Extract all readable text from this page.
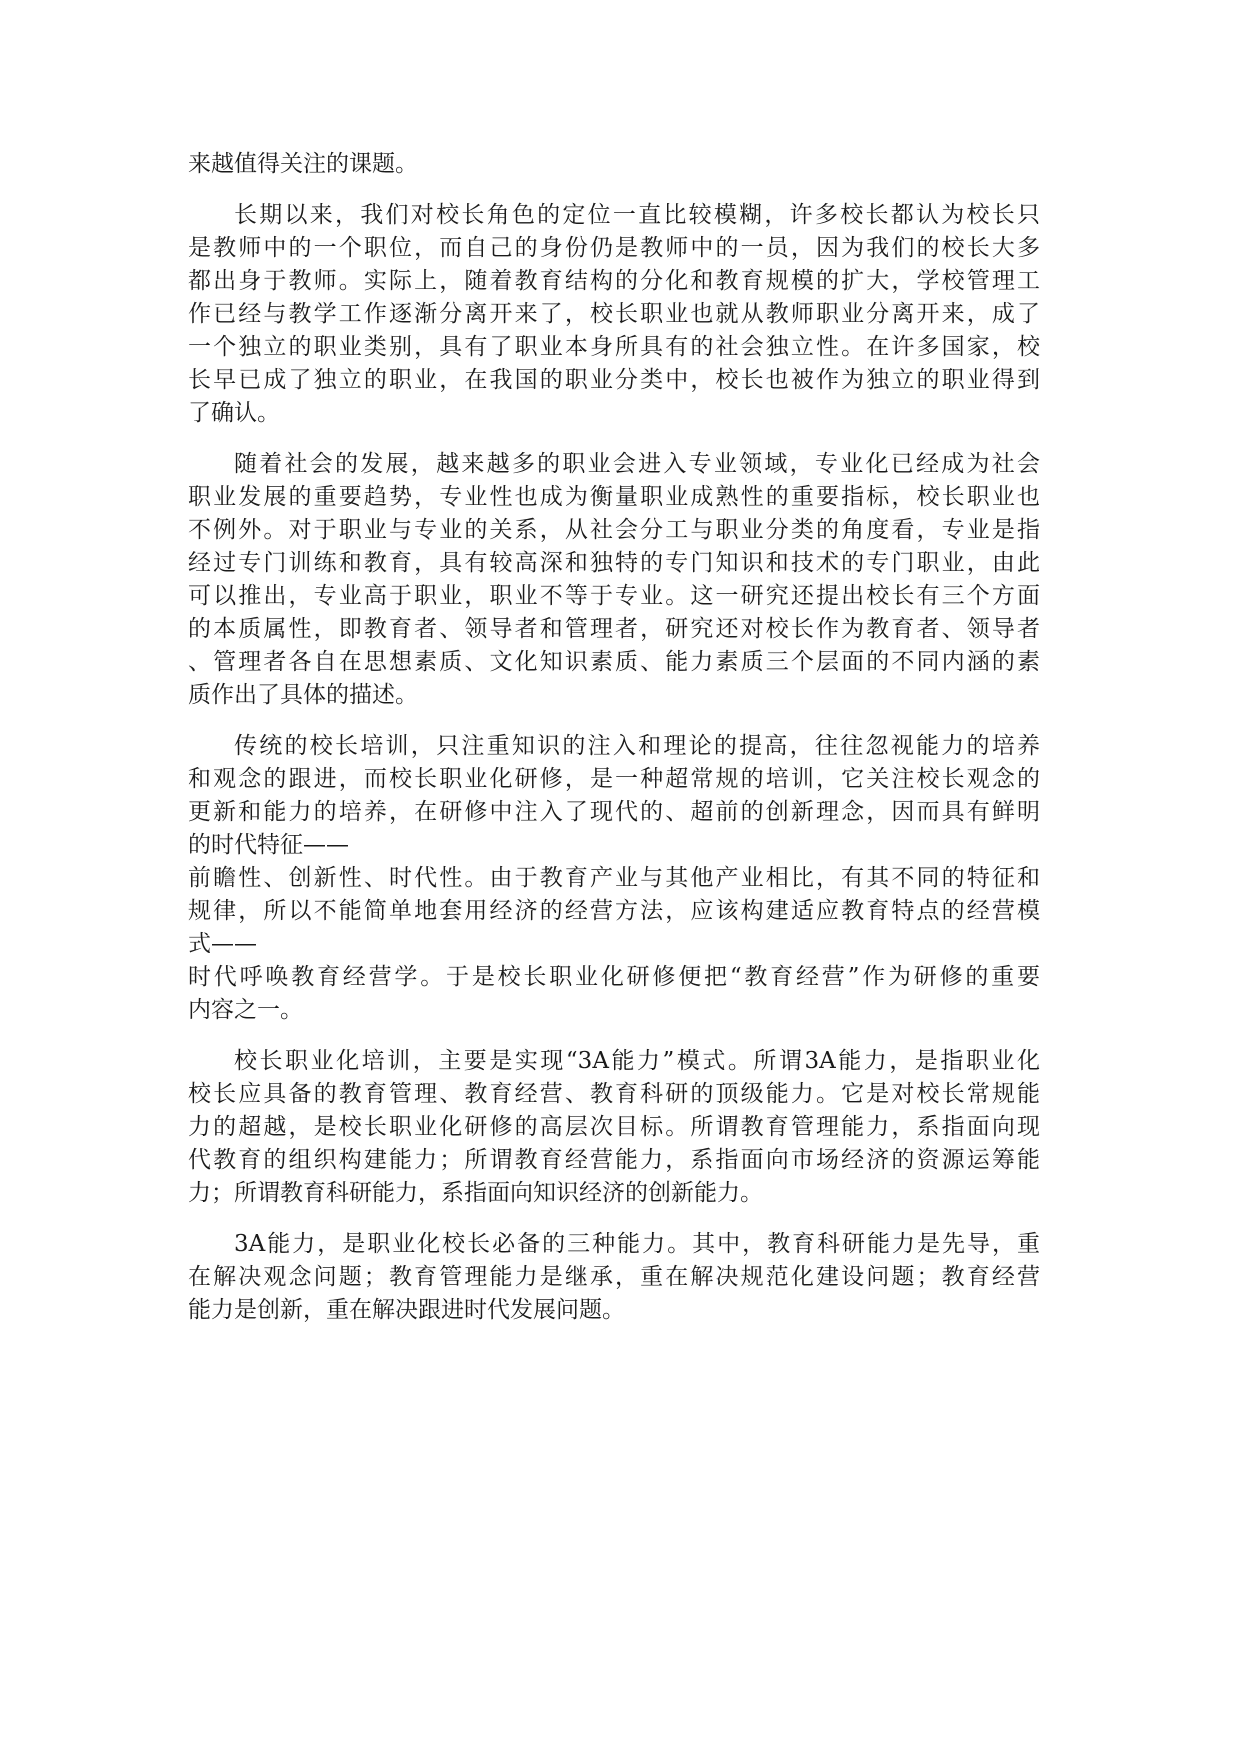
来越值得关注的课题。
长期以来，我们对校长角色的定位一直比较模糊，许多校长都认为校长只
是教师中的一个职位，而自己的身份仍是教师中的一员，因为我们的校长大多
都出身于教师。实际上，随着教育结构的分化和教育规模的扩大，学校管理工
作已经与教学工作逐渐分离开来了，校长职业也就从教师职业分离开来，成了
一个独立的职业类别，具有了职业本身所具有的社会独立性。在许多国家，校
长早已成了独立的职业，在我国的职业分类中，校长也被作为独立的职业得到
了确认。
随着社会的发展，越来越多的职业会进入专业领域，专业化已经成为社会
职业发展的重要趋势，专业性也成为衡量职业成熟性的重要指标，校长职业也
不例外。对于职业与专业的关系，从社会分工与职业分类的角度看，专业是指
经过专门训练和教育，具有较高深和独特的专门知识和技术的专门职业，由此
可以推出，专业高于职业，职业不等于专业。这一研究还提出校长有三个方面
的本质属性，即教育者、领导者和管理者，研究还对校长作为教育者、领导者
、管理者各自在思想素质、文化知识素质、能力素质三个层面的不同内涵的素
质作出了具体的描述。
传统的校长培训，只注重知识的注入和理论的提高，往往忽视能力的培养
和观念的跟进，而校长职业化研修，是一种超常规的培训，它关注校长观念的
更新和能力的培养，在研修中注入了现代的、超前的创新理念，因而具有鲜明
的时代特征——
前瞻性、创新性、时代性。由于教育产业与其他产业相比，有其不同的特征和
规律，所以不能简单地套用经济的经营方法，应该构建适应教育特点的经营模
式——
时代呼唤教育经营学。于是校长职业化研修便把“教育经营”作为研修的重要
内容之一。
校长职业化培训，主要是实现“3A能力”模式。所谓3A能力，是指职业化
校长应具备的教育管理、教育经营、教育科研的顶级能力。它是对校长常规能
力的超越，是校长职业化研修的高层次目标。所谓教育管理能力，系指面向现
代教育的组织构建能力；所谓教育经营能力，系指面向市场经济的资源运筹能
力；所谓教育科研能力，系指面向知识经济的创新能力。
3A能力，是职业化校长必备的三种能力。其中，教育科研能力是先导，重
在解决观念问题；教育管理能力是继承，重在解决规范化建设问题；教育经营
能力是创新，重在解决跟进时代发展问题。
